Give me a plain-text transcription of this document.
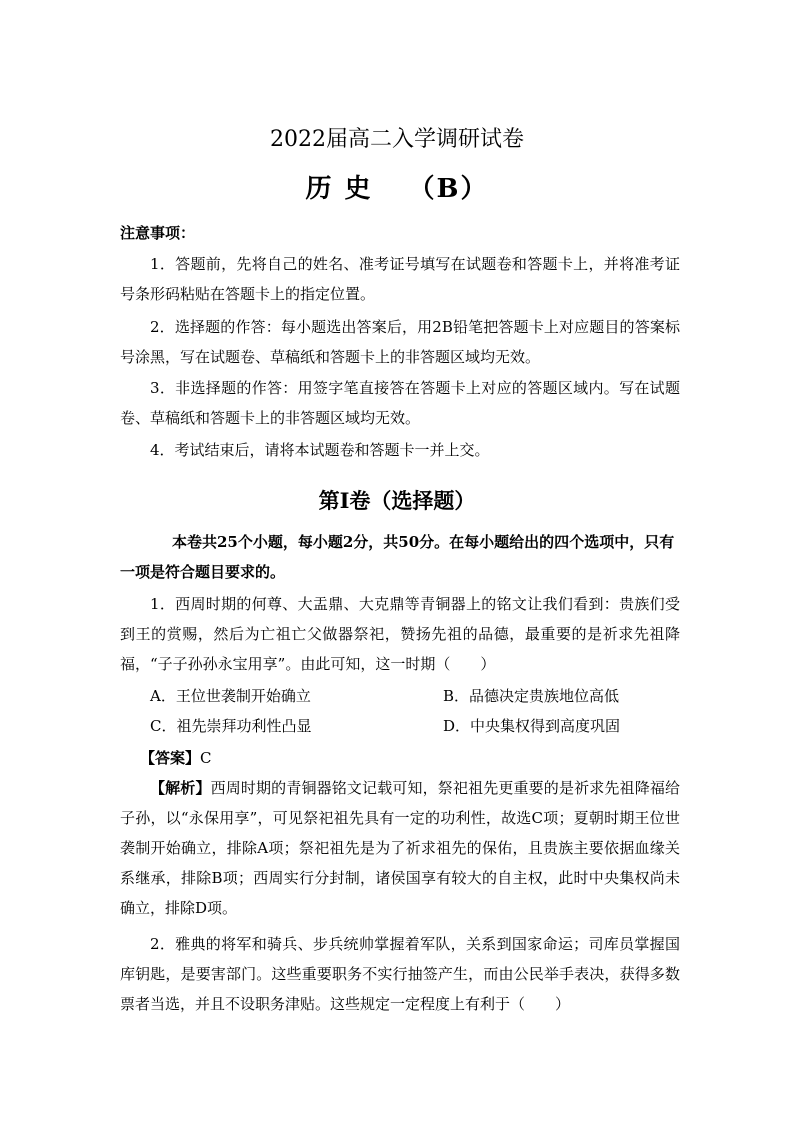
2022届高二入学调研试卷
历 史 （B）
注意事项：
1．答题前，先将自己的姓名、准考证号填写在试题卷和答题卡上，并将准考证号条形码粘贴在答题卡上的指定位置。
2．选择题的作答：每小题选出答案后，用2B铅笔把答题卡上对应题目的答案标号涂黑，写在试题卷、草稿纸和答题卡上的非答题区域均无效。
3．非选择题的作答：用签字笔直接答在答题卡上对应的答题区域内。写在试题卷、草稿纸和答题卡上的非答题区域均无效。
4．考试结束后，请将本试题卷和答题卡一并上交。
第Ⅰ卷（选择题）
本卷共25个小题，每小题2分，共50分。在每小题给出的四个选项中，只有一项是符合题目要求的。
1．西周时期的何尊、大盂鼎、大克鼎等青铜器上的铭文让我们看到：贵族们受到王的赏赐，然后为亡祖亡父做器祭祀，赞扬先祖的品德，最重要的是祈求先祖降福，“子子孙孙永宝用享”。由此可知，这一时期（　　）
A．王位世袭制开始确立	B．品德决定贵族地位高低
C．祖先崇拜功利性凸显	D．中央集权得到高度巩固
【答案】C
【解析】西周时期的青铜器铭文记载可知，祭祀祖先更重要的是祈求先祖降福给子孙，以“永保用享”，可见祭祀祖先具有一定的功利性，故选C项；夏朝时期王位世袭制开始确立，排除A项；祭祀祖先是为了祈求祖先的保佑，且贵族主要依据血缘关系继承，排除B项；西周实行分封制，诸侯国享有较大的自主权，此时中央集权尚未确立，排除D项。
2．雅典的将军和骑兵、步兵统帅掌握着军队，关系到国家命运；司库员掌握国库钥匙，是要害部门。这些重要职务不实行抽签产生，而由公民举手表决，获得多数票者当选，并且不设职务津贴。这些规定一定程度上有利于（　　）
